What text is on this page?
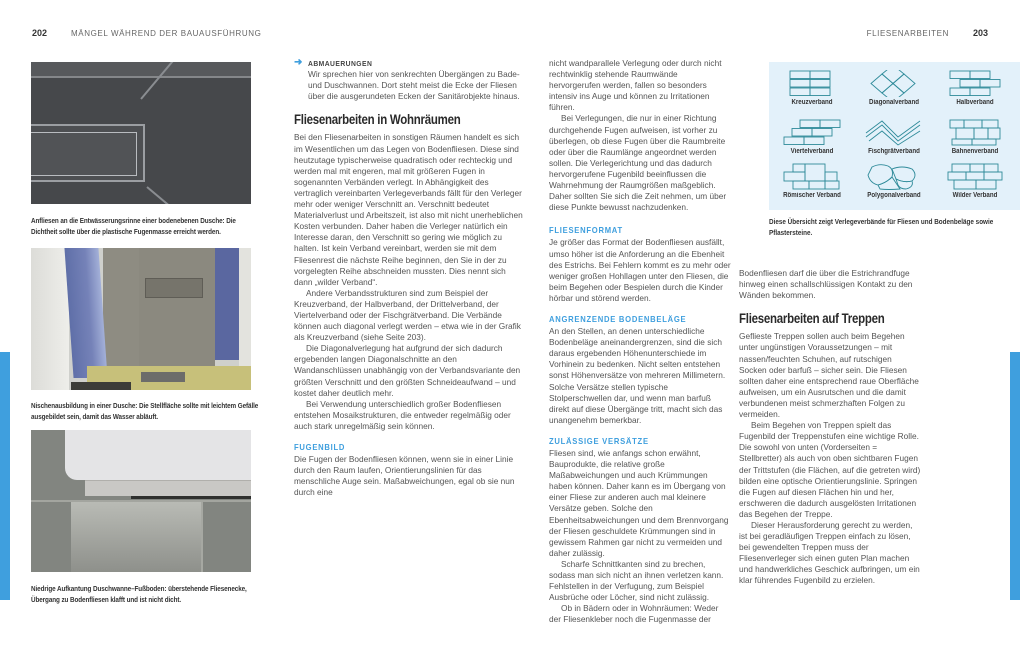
202	MÄNGEL WÄHREND DER BAUAUSFÜHRUNG	FLIESENARBEITEN	203
Anfliesen an die Entwässerungsrinne einer bodenebenen Dusche: Die Dichtheit sollte über die plastische Fugenmasse erreicht werden.
Nischenausbildung in einer Dusche: Die Stellfläche sollte mit leichtem Gefälle ausgebildet sein, damit das Wasser abläuft.
Niedrige Aufkantung Duschwanne–Fußboden: überstehende Fliesenecke, Übergang zu Bodenfliesen klafft und ist nicht dicht.
➜ ABMAUERUNGEN
Wir sprechen hier von senkrechten Übergängen zu Bade- und Duschwannen. Dort steht meist die Ecke der Fliesen über die ausgerundeten Ecken der Sanitärobjekte hinaus.
Fliesenarbeiten in Wohnräumen

Bei den Fliesenarbeiten in sonstigen Räumen handelt es sich im Wesentlichen um das Legen von Bodenfliesen. Diese sind heutzutage typischerweise quadratisch oder rechteckig und werden mal mit engeren, mal mit größeren Fugen in sogenannten Verbänden verlegt. In Abhängigkeit des vertraglich vereinbarten Verlegeverbands fällt für den Verleger mehr oder weniger Verschnitt an. Verschnitt bedeutet Materialverlust und Arbeitszeit, ist also mit nicht unerheblichen Kosten verbunden. Daher haben die Verleger natürlich ein Interesse daran, den Verschnitt so gering wie möglich zu halten. Ist kein Verband vereinbart, werden sie mit dem Fliesenrest die nächste Reihe beginnen, den Sie in der zu vorgelegten Reihe abschneiden mussten. Dies nennt sich dann „wilder Verband“.

Andere Verbandsstrukturen sind zum Beispiel der Kreuzverband, der Halbverband, der Drittelverband, der Viertelverband oder der Fischgrätverband. Die Verbände können auch diagonal verlegt werden – etwa wie in der Grafik als Kreuzverband (siehe Seite 203).

Die Diagonalverlegung hat aufgrund der sich dadurch ergebenden langen Diagonalschnitte an den Wandanschlüssen unabhängig von der Verbandsvariante den größten Verschnitt und den größten Schneideaufwand – und kostet daher deutlich mehr.

Bei Verwendung unterschiedlich großer Bodenfliesen entstehen Mosaikstrukturen, die entweder regelmäßig oder auch stark unregelmäßig sein können.

FUGENBILD

Die Fugen der Bodenfliesen können, wenn sie in einer Linie durch den Raum laufen, Orientierungslinien für das menschliche Auge sein. Maßabweichungen, egal ob sie nun durch eine

nicht wandparallele Verlegung oder durch nicht rechtwinklig stehende Raumwände hervorgerufen werden, fallen so besonders intensiv ins Auge und können zu Irritationen führen.

Bei Verlegungen, die nur in einer Richtung durchgehende Fugen aufweisen, ist vorher zu überlegen, ob diese Fugen über die Raumbreite oder über die Raumlänge angeordnet werden sollen. Die Verlegerichtung und das dadurch hervorgerufene Fugenbild beeinflussen die Wahrnehmung der Raumgrößen maßgeblich. Daher sollten Sie sich die Zeit nehmen, um über diese Punkte bewusst nachzudenken.

FLIESENFORMAT

Je größer das Format der Bodenfliesen ausfällt, umso höher ist die Anforderung an die Ebenheit des Estrichs. Bei Fehlern kommt es zu mehr oder weniger großen Hohllagen unter den Fliesen, die beim Begehen oder Bespielen durch die Kinder hörbar und störend werden.

ANGRENZENDE BODENBELÄGE

An den Stellen, an denen unterschiedliche Bodenbeläge aneinandergrenzen, sind die sich daraus ergebenden Höhenunterschiede im Vorhinein zu bedenken. Nicht selten entstehen sonst Höhenversätze von mehreren Millimetern. Solche Versätze stellen typische Stolperschwellen dar, und wenn man barfuß direkt auf diese Übergänge tritt, macht sich das unangenehm bemerkbar.

ZULÄSSIGE VERSÄTZE

Fliesen sind, wie anfangs schon erwähnt, Bauprodukte, die relative große Maßabweichungen und auch Krümmungen haben können. Daher kann es im Übergang von einer Fliese zur anderen auch mal kleinere Versätze geben. Solche den Ebenheitsabweichungen und dem Brennvorgang der Fliesen geschuldete Krümmungen sind in gewissem Rahmen gar nicht zu vermeiden und daher zulässig.

Scharfe Schnittkanten sind zu brechen, sodass man sich nicht an ihnen verletzen kann. Fehlstellen in der Verfugung, zum Beispiel Ausbrüche oder Löcher, sind nicht zulässig.

Ob in Bädern oder in Wohnräumen: Weder der Fliesenkleber noch die Fugenmasse der

Kreuzverband	Diagonalverband	Halbverband
Viertelverband	Fischgrätverband	Bahnenverband
Römischer Verband	Polygonalverband	Wilder Verband
Diese Übersicht zeigt Verlegeverbände für Fliesen und Bodenbeläge sowie Pflastersteine.

Bodenfliesen darf die über die Estrichrandfuge hinweg einen schallschlüssigen Kontakt zu den Wänden bekommen.

Fliesenarbeiten auf Treppen

Geflieste Treppen sollen auch beim Begehen unter ungünstigen Voraussetzungen – mit nassen/feuchten Schuhen, auf rutschigen Socken oder barfuß – sicher sein. Die Fliesen sollten daher eine entsprechend raue Oberfläche aufweisen, um ein Ausrutschen und die damit verbundenen meist schmerzhaften Folgen zu vermeiden.

Beim Begehen von Treppen spielt das Fugenbild der Treppenstufen eine wichtige Rolle. Die sowohl von unten (Vorderseiten = Stellbretter) als auch von oben sichtbaren Fugen der Trittstufen (die Flächen, auf die getreten wird) bilden eine optische Orientierungslinie. Springen die Fugen auf diesen Flächen hin und her, erschweren die dadurch ausgelösten Irritationen das Begehen der Treppe.

Dieser Herausforderung gerecht zu werden, ist bei geradläufigen Treppen einfach zu lösen, bei gewendelten Treppen muss der Fliesenverleger sich einen guten Plan machen und handwerkliches Geschick aufbringen, um ein klar führendes Fugenbild zu erzielen.
